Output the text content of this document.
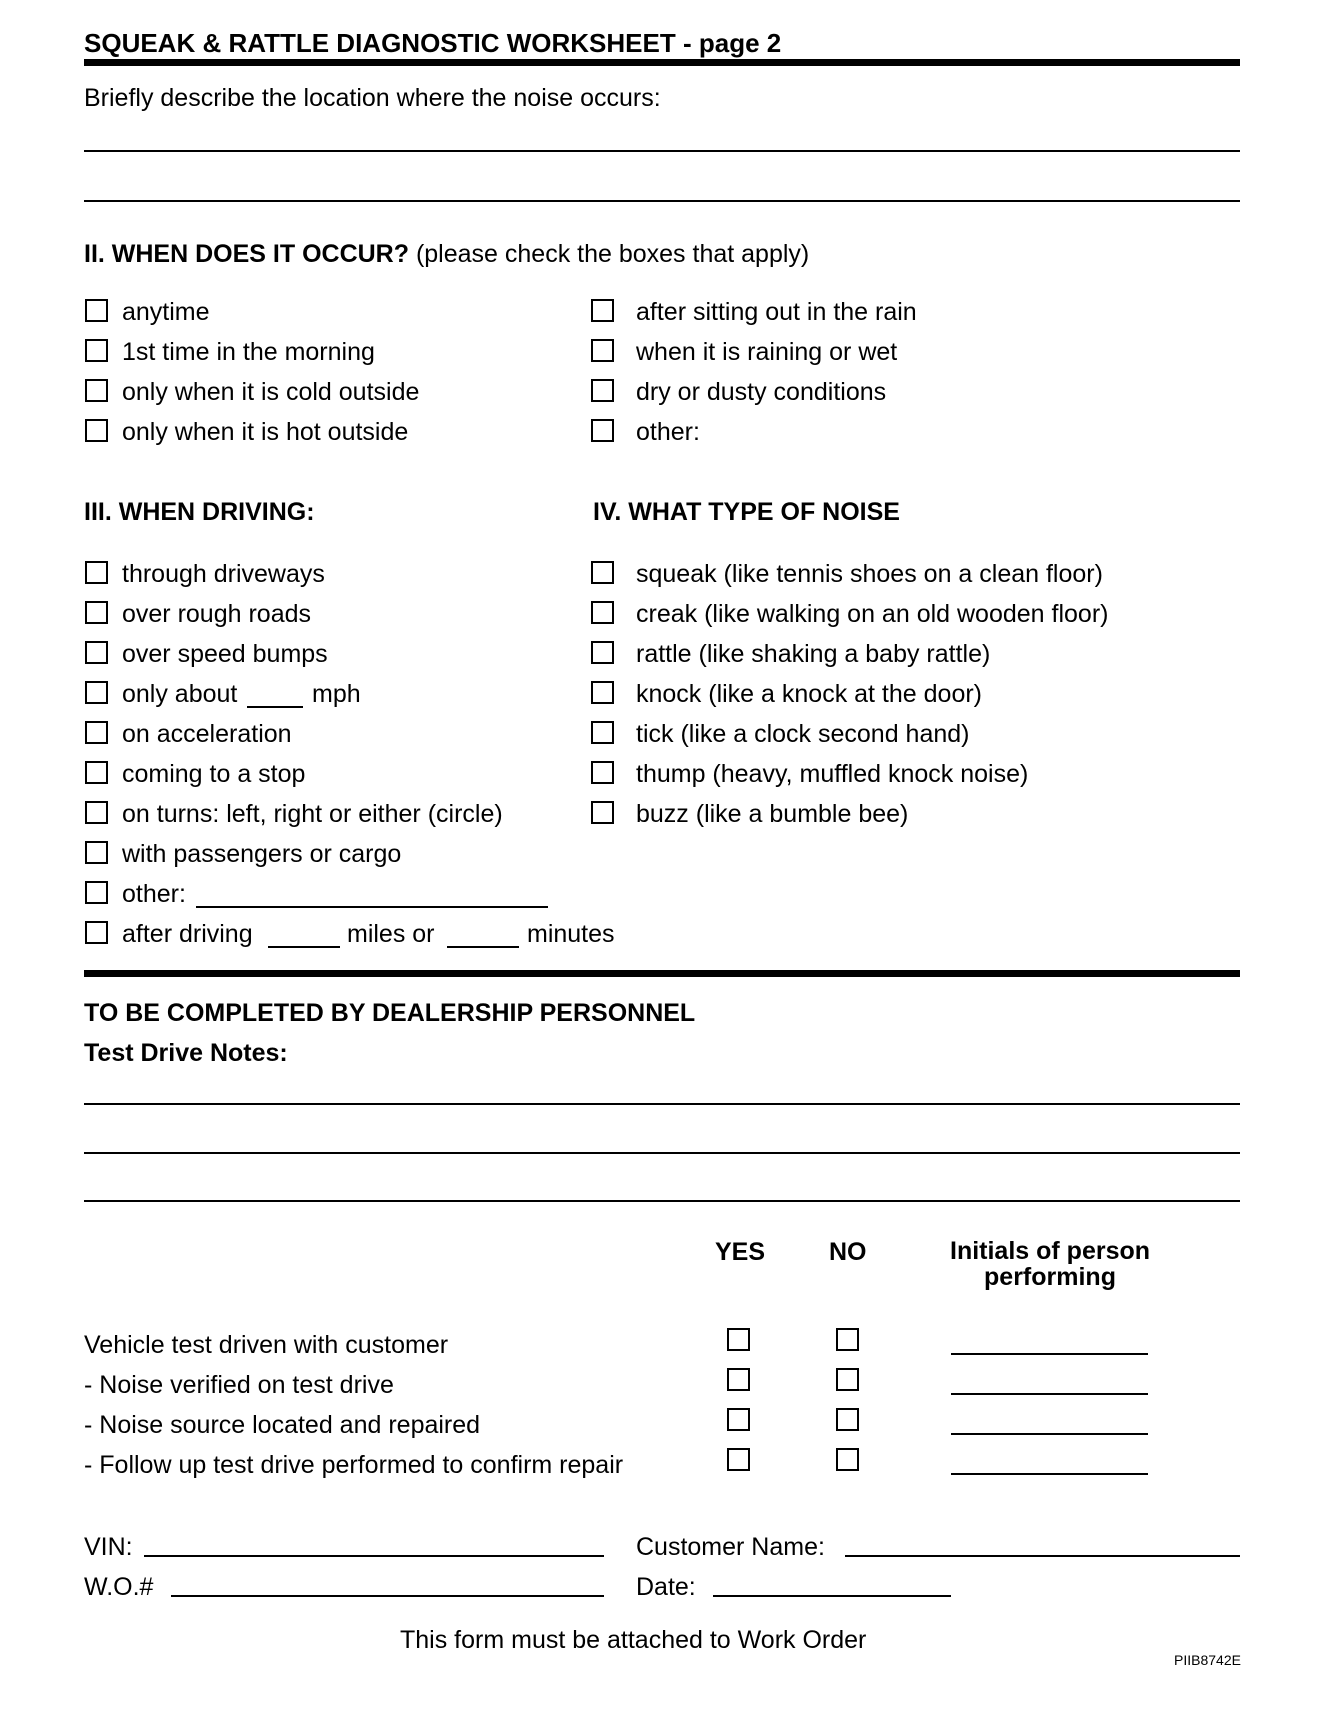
SQUEAK & RATTLE DIAGNOSTIC WORKSHEET - page 2
Briefly describe the location where the noise occurs:
II. WHEN DOES IT OCCUR? (please check the boxes that apply)
anytime
1st time in the morning
only when it is cold outside
only when it is hot outside
after sitting out in the rain
when it is raining or wet
dry or dusty conditions
other:
III. WHEN DRIVING:	IV. WHAT TYPE OF NOISE
through driveways
over rough roads
over speed bumps
only about	mph
on acceleration
coming to a stop
on turns: left, right or either (circle)
with passengers or cargo
other:
after driving	miles or	minutes
squeak (like tennis shoes on a clean floor)
creak (like walking on an old wooden floor)
rattle (like shaking a baby rattle)
knock (like a knock at the door)
tick (like a clock second hand)
thump (heavy, muffled knock noise)
buzz (like a bumble bee)
TO BE COMPLETED BY DEALERSHIP PERSONNEL
Test Drive Notes:
YES	NO	Initials of person
performing
Vehicle test driven with customer
- Noise verified on test drive
- Noise source located and repaired
- Follow up test drive performed to confirm repair
VIN:	Customer Name:
W.O.#	Date:
This form must be attached to Work Order
PIIB8742E
